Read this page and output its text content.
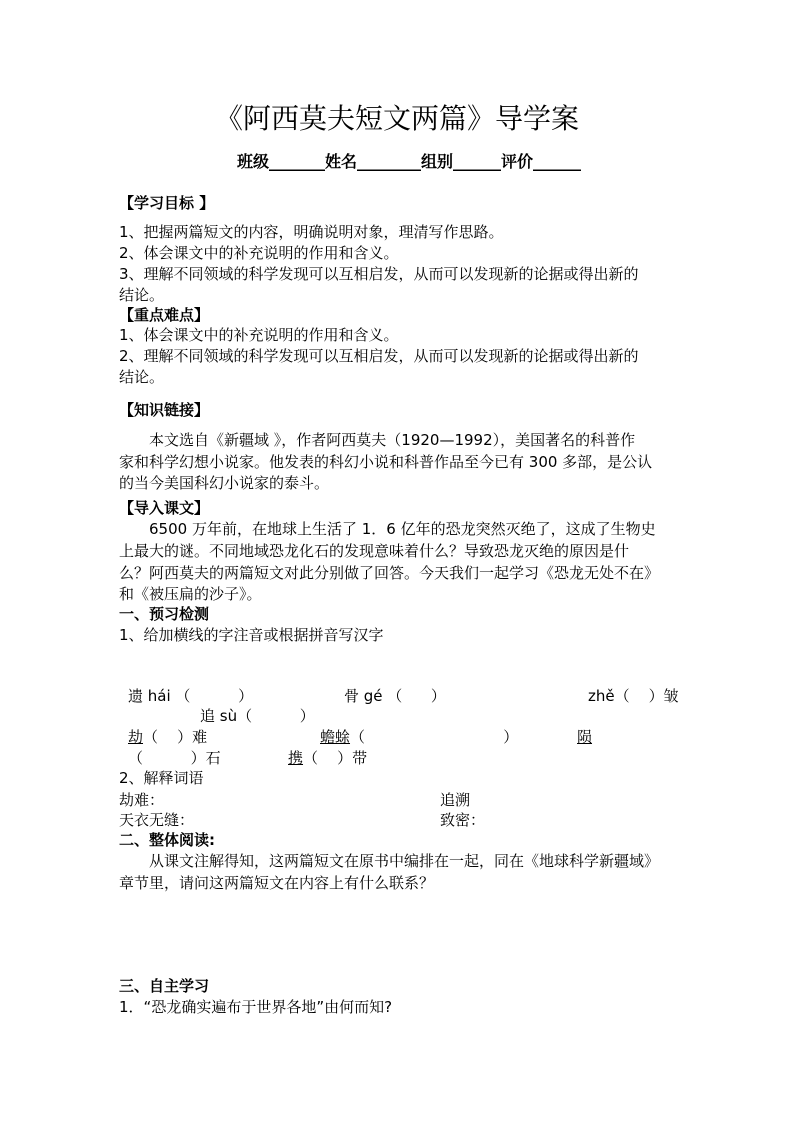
《阿西莫夫短文两篇》导学案
班级_______姓名________组别______评价______
【学习目标 】
1、把握两篇短文的内容，明确说明对象，理清写作思路。
2、体会课文中的补充说明的作用和含义。
3、理解不同领域的科学发现可以互相启发，从而可以发现新的论据或得出新的
结论。
【重点难点】
1、体会课文中的补充说明的作用和含义。
2、理解不同领域的科学发现可以互相启发，从而可以发现新的论据或得出新的
结论。
【知识链接】
本文选自《新疆域 》，作者阿西莫夫（1920—1992），美国著名的科普作
家和科学幻想小说家。他发表的科幻小说和科普作品至今已有 300 多部，是公认
的当今美国科幻小说家的泰斗。
【导入课文】
6500 万年前，在地球上生活了 1．6 亿年的恐龙突然灭绝了，这成了生物史
上最大的谜。不同地域恐龙化石的发现意味着什么？导致恐龙灭绝的原因是什
么？阿西莫夫的两篇短文对此分别做了回答。今天我们一起学习《恐龙无处不在》
和《被压扁的沙子》。
一、预习检测
1、给加横线的字注音或根据拼音写汉字
遗 hái （          ）	骨 gé （      ）	zhě（    ）皱
追 sù（          ）
劫（    ）难	蟾蜍（                             ）	陨
（          ）石	携（    ）带
2、解释词语
劫难：	追溯
天衣无缝：	致密：
二、整体阅读:
从课文注解得知，这两篇短文在原书中编排在一起，同在《地球科学新疆域》
章节里，请问这两篇短文在内容上有什么联系？
三、自主学习
1．“恐龙确实遍布于世界各地”由何而知?
